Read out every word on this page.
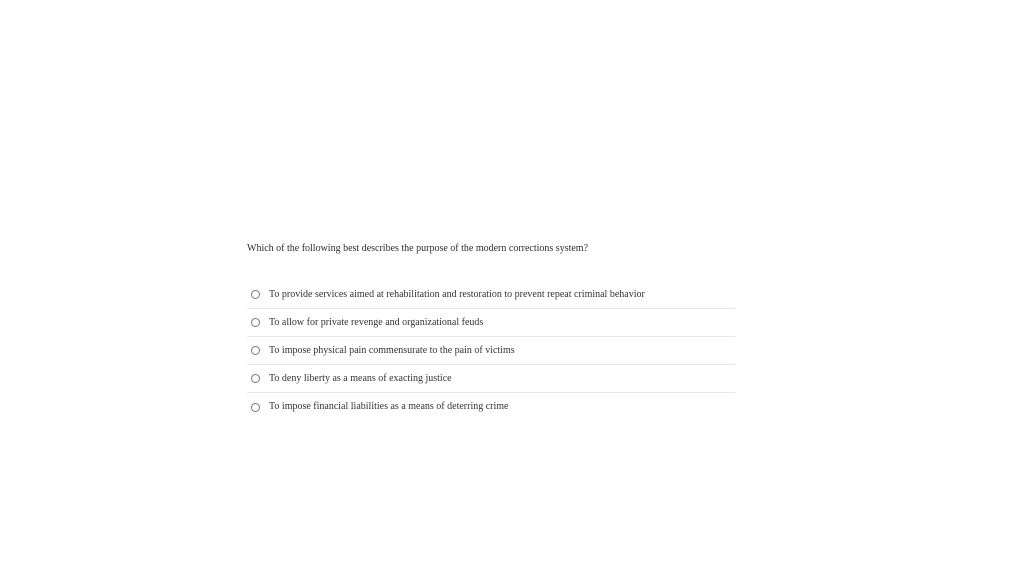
Which of the following best describes the purpose of the modern corrections system?

To provide services aimed at rehabilitation and restoration to prevent repeat criminal behavior
To allow for private revenge and organizational feuds
To impose physical pain commensurate to the pain of victims
To deny liberty as a means of exacting justice
To impose financial liabilities as a means of deterring crime
